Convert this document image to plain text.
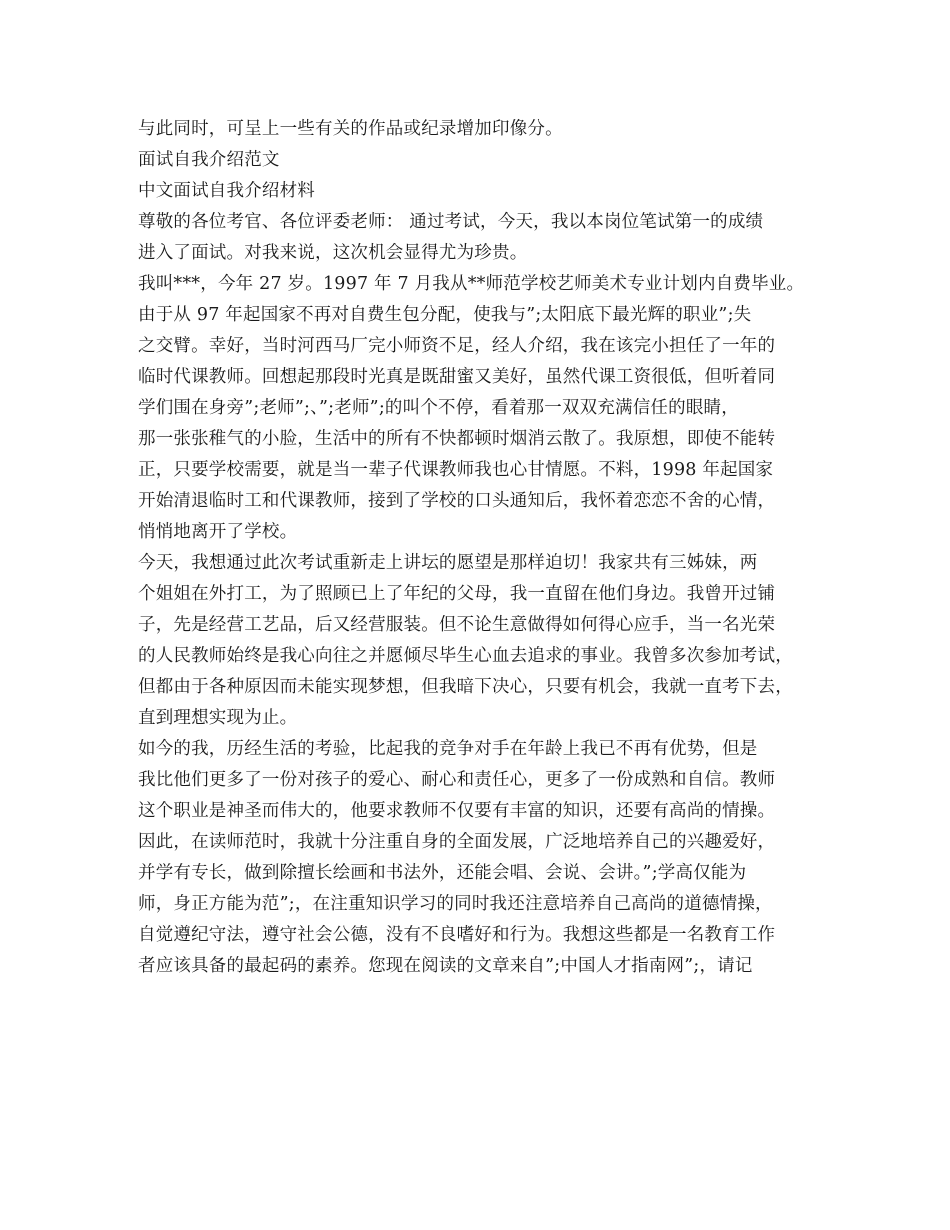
与此同时，可呈上一些有关的作品或纪录增加印像分。
面试自我介绍范文
中文面试自我介绍材料
尊敬的各位考官、各位评委老师： 通过考试，今天，我以本岗位笔试第一的成绩
进入了面试。对我来说，这次机会显得尤为珍贵。
我叫***，今年 27 岁。1997 年 7 月我从**师范学校艺师美术专业计划内自费毕业。
由于从 97 年起国家不再对自费生包分配，使我与”;太阳底下最光辉的职业”;失
之交臂。幸好，当时河西马厂完小师资不足，经人介绍，我在该完小担任了一年的
临时代课教师。回想起那段时光真是既甜蜜又美好，虽然代课工资很低，但听着同
学们围在身旁”;老师”;、”;老师”;的叫个不停，看着那一双双充满信任的眼睛，
那一张张稚气的小脸，生活中的所有不快都顿时烟消云散了。我原想，即使不能转
正，只要学校需要，就是当一辈子代课教师我也心甘情愿。不料，1998 年起国家
开始清退临时工和代课教师，接到了学校的口头通知后，我怀着恋恋不舍的心情，
悄悄地离开了学校。
今天，我想通过此次考试重新走上讲坛的愿望是那样迫切！我家共有三姊妹，两
个姐姐在外打工，为了照顾已上了年纪的父母，我一直留在他们身边。我曾开过铺
子，先是经营工艺品，后又经营服装。但不论生意做得如何得心应手，当一名光荣
的人民教师始终是我心向往之并愿倾尽毕生心血去追求的事业。我曾多次参加考试，
但都由于各种原因而未能实现梦想，但我暗下决心，只要有机会，我就一直考下去，
直到理想实现为止。
如今的我，历经生活的考验，比起我的竞争对手在年龄上我已不再有优势，但是
我比他们更多了一份对孩子的爱心、耐心和责任心，更多了一份成熟和自信。教师
这个职业是神圣而伟大的，他要求教师不仅要有丰富的知识，还要有高尚的情操。
因此，在读师范时，我就十分注重自身的全面发展，广泛地培养自己的兴趣爱好，
并学有专长，做到除擅长绘画和书法外，还能会唱、会说、会讲。”;学高仅能为
师，身正方能为范”;，在注重知识学习的同时我还注意培养自己高尚的道德情操，
自觉遵纪守法，遵守社会公德，没有不良嗜好和行为。我想这些都是一名教育工作
者应该具备的最起码的素养。您现在阅读的文章来自”;中国人才指南网”;，请记
